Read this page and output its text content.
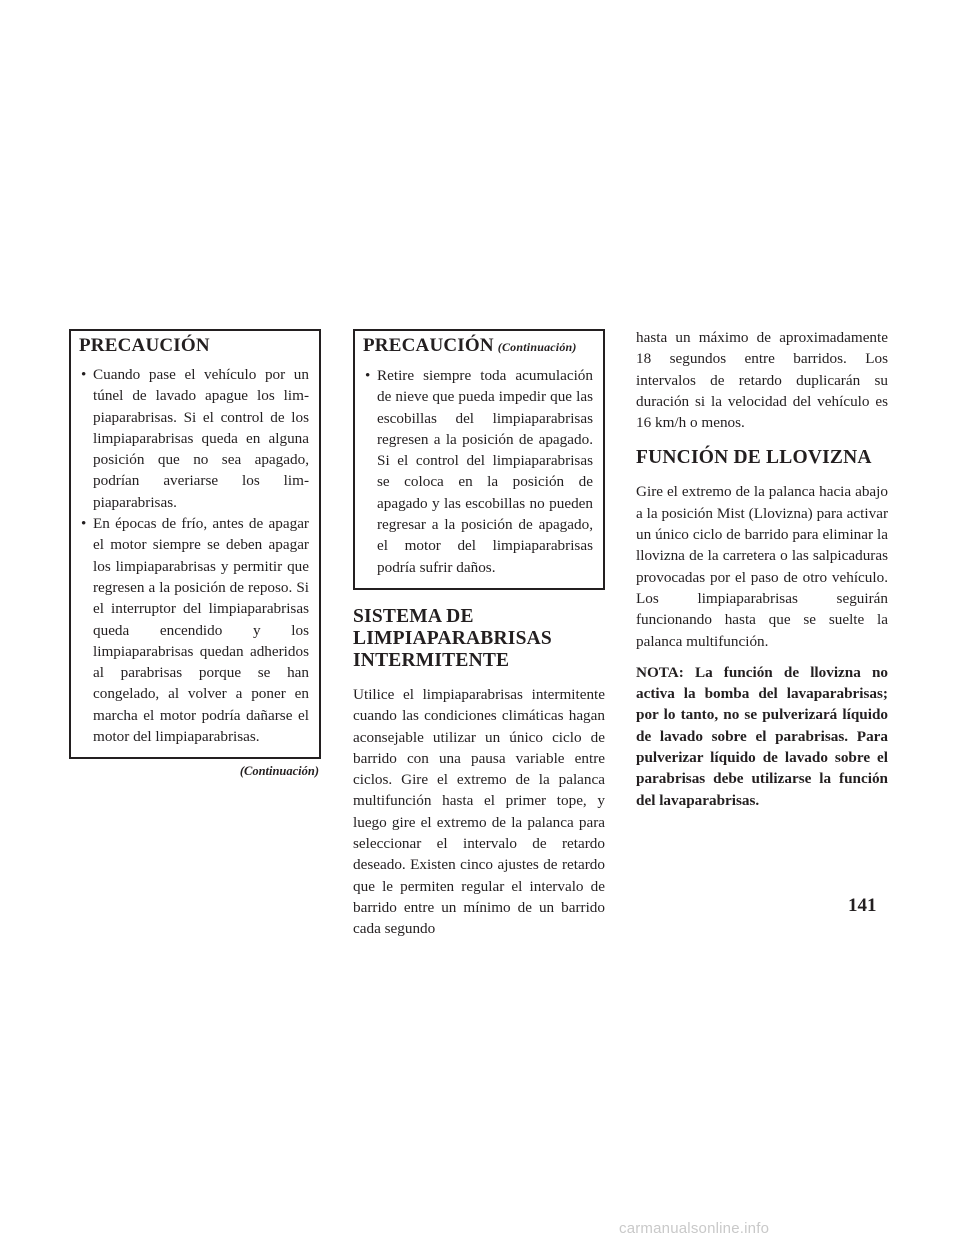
PRECAUCIÓN
• Cuando pase el vehículo por un túnel de lavado apague los limpiaparabrisas. Si el control de los limpiaparabrisas queda en alguna posición que no sea apagado, podrían averiarse los limpiaparabrisas.
• En épocas de frío, antes de apagar el motor siempre se deben apagar los limpiaparabrisas y permitir que regresen a la posición de reposo. Si el interruptor del limpiaparabrisas queda encendido y los limpiaparabrisas quedan adheridos al parabrisas porque se han congelado, al volver a poner en marcha el motor podría dañarse el motor del limpiaparabrisas.
(Continuación)
PRECAUCIÓN (Continuación)
• Retire siempre toda acumulación de nieve que pueda impedir que las escobillas del limpiaparabrisas regresen a la posición de apagado. Si el control del limpiaparabrisas se coloca en la posición de apagado y las escobillas no pueden regresar a la posición de apagado, el motor del limpiaparabrisas podría sufrir daños.
SISTEMA DE LIMPIAPARABRISAS INTERMITENTE

Utilice el limpiaparabrisas intermitente cuando las condiciones climáticas hagan aconsejable utilizar un único ciclo de barrido con una pausa variable entre ciclos. Gire el extremo de la palanca multifunción hasta el primer tope, y luego gire el extremo de la palanca para seleccionar el intervalo de retardo deseado. Existen cinco ajustes de retardo que le permiten regular el intervalo de barrido entre un mínimo de un barrido cada segundo

hasta un máximo de aproximadamente 18 segundos entre barridos. Los intervalos de retardo duplicarán su duración si la velocidad del vehículo es 16 km/h o menos.

FUNCIÓN DE LLOVIZNA

Gire el extremo de la palanca hacia abajo a la posición Mist (Llovizna) para activar un único ciclo de barrido para eliminar la llovizna de la carretera o las salpicaduras provocadas por el paso de otro vehículo. Los limpiaparabrisas seguirán funcionando hasta que se suelte la palanca multifunción.

NOTA: La función de llovizna no activa la bomba del lavaparabrisas; por lo tanto, no se pulverizará líquido de lavado sobre el parabrisas. Para pulverizar líquido de lavado sobre el parabrisas debe utilizarse la función del lavaparabrisas.

141
carmanualsonline.info
